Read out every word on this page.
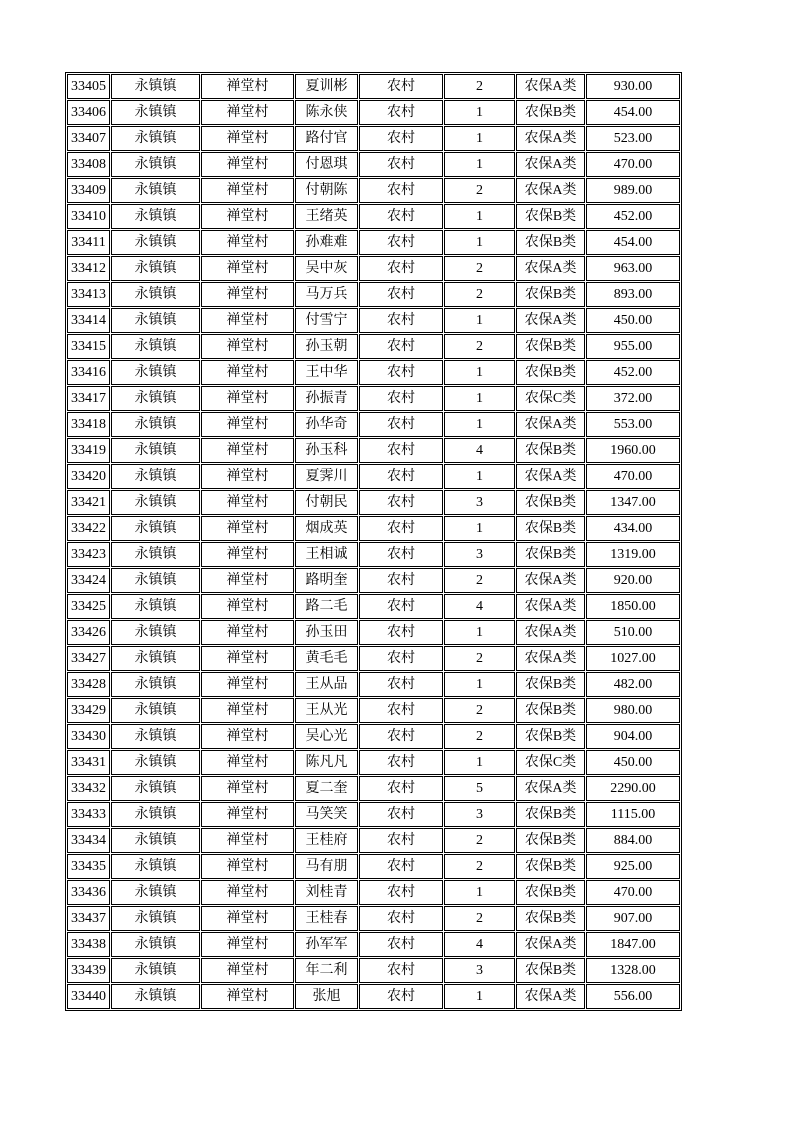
33405	永镇镇	禅堂村	夏训彬	农村	2	农保A类	930.00
33406	永镇镇	禅堂村	陈永侠	农村	1	农保B类	454.00
33407	永镇镇	禅堂村	路付官	农村	1	农保A类	523.00
33408	永镇镇	禅堂村	付恩琪	农村	1	农保A类	470.00
33409	永镇镇	禅堂村	付朝陈	农村	2	农保A类	989.00
33410	永镇镇	禅堂村	王绪英	农村	1	农保B类	452.00
33411	永镇镇	禅堂村	孙难难	农村	1	农保B类	454.00
33412	永镇镇	禅堂村	吴中灰	农村	2	农保A类	963.00
33413	永镇镇	禅堂村	马万兵	农村	2	农保B类	893.00
33414	永镇镇	禅堂村	付雪宁	农村	1	农保A类	450.00
33415	永镇镇	禅堂村	孙玉朝	农村	2	农保B类	955.00
33416	永镇镇	禅堂村	王中华	农村	1	农保B类	452.00
33417	永镇镇	禅堂村	孙振青	农村	1	农保C类	372.00
33418	永镇镇	禅堂村	孙华奇	农村	1	农保A类	553.00
33419	永镇镇	禅堂村	孙玉科	农村	4	农保B类	1960.00
33420	永镇镇	禅堂村	夏霁川	农村	1	农保A类	470.00
33421	永镇镇	禅堂村	付朝民	农村	3	农保B类	1347.00
33422	永镇镇	禅堂村	烟成英	农村	1	农保B类	434.00
33423	永镇镇	禅堂村	王相诚	农村	3	农保B类	1319.00
33424	永镇镇	禅堂村	路明奎	农村	2	农保A类	920.00
33425	永镇镇	禅堂村	路二毛	农村	4	农保A类	1850.00
33426	永镇镇	禅堂村	孙玉田	农村	1	农保A类	510.00
33427	永镇镇	禅堂村	黄毛毛	农村	2	农保A类	1027.00
33428	永镇镇	禅堂村	王从品	农村	1	农保B类	482.00
33429	永镇镇	禅堂村	王从光	农村	2	农保B类	980.00
33430	永镇镇	禅堂村	吴心光	农村	2	农保B类	904.00
33431	永镇镇	禅堂村	陈凡凡	农村	1	农保C类	450.00
33432	永镇镇	禅堂村	夏二奎	农村	5	农保A类	2290.00
33433	永镇镇	禅堂村	马笑笑	农村	3	农保B类	1115.00
33434	永镇镇	禅堂村	王桂府	农村	2	农保B类	884.00
33435	永镇镇	禅堂村	马有朋	农村	2	农保B类	925.00
33436	永镇镇	禅堂村	刘桂青	农村	1	农保B类	470.00
33437	永镇镇	禅堂村	王桂春	农村	2	农保B类	907.00
33438	永镇镇	禅堂村	孙军军	农村	4	农保A类	1847.00
33439	永镇镇	禅堂村	年二利	农村	3	农保B类	1328.00
33440	永镇镇	禅堂村	张旭	农村	1	农保A类	556.00
